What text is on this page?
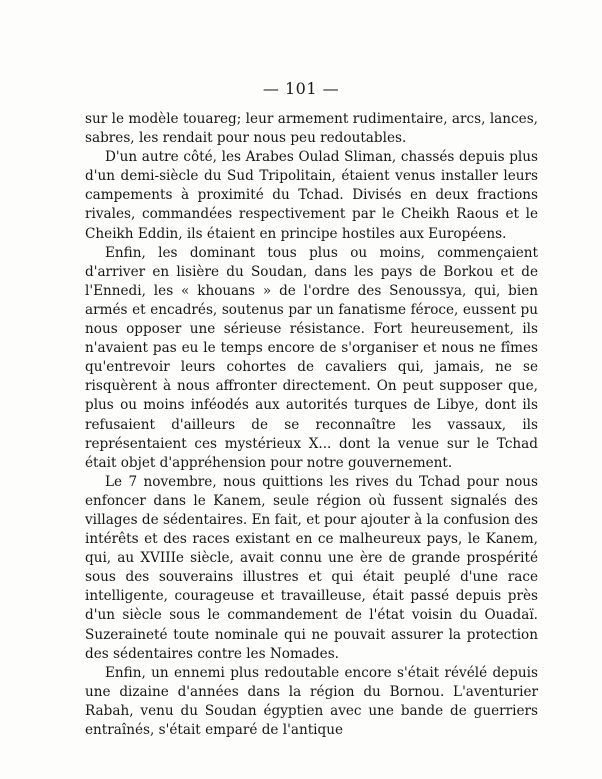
— 101 —

sur le modèle touareg; leur armement rudimentaire, arcs, lances, sabres, les rendait pour nous peu redoutables.

D'un autre côté, les Arabes Oulad Sliman, chassés depuis plus d'un demi-siècle du Sud Tripolitain, étaient venus installer leurs campements à proximité du Tchad. Divisés en deux fractions rivales, commandées respectivement par le Cheikh Raous et le Cheikh Eddin, ils étaient en principe hostiles aux Européens.

Enfin, les dominant tous plus ou moins, commençaient d'arriver en lisière du Soudan, dans les pays de Borkou et de l'Ennedi, les « khouans » de l'ordre des Senoussya, qui, bien armés et encadrés, soutenus par un fanatisme féroce, eussent pu nous opposer une sérieuse résistance. Fort heureusement, ils n'avaient pas eu le temps encore de s'organiser et nous ne fîmes qu'entrevoir leurs cohortes de cavaliers qui, jamais, ne se risquèrent à nous affronter directement. On peut supposer que, plus ou moins inféodés aux autorités turques de Libye, dont ils refusaient d'ailleurs de se reconnaître les vassaux, ils représentaient ces mystérieux X... dont la venue sur le Tchad était objet d'appréhension pour notre gouvernement.

Le 7 novembre, nous quittions les rives du Tchad pour nous enfoncer dans le Kanem, seule région où fussent signalés des villages de sédentaires. En fait, et pour ajouter à la confusion des intérêts et des races existant en ce malheureux pays, le Kanem, qui, au XVIIIe siècle, avait connu une ère de grande prospérité sous des souverains illustres et qui était peuplé d'une race intelligente, courageuse et travailleuse, était passé depuis près d'un siècle sous le commandement de l'état voisin du Ouadaï. Suzeraineté toute nominale qui ne pouvait assurer la protection des sédentaires contre les Nomades.

Enfin, un ennemi plus redoutable encore s'était révélé depuis une dizaine d'années dans la région du Bornou. L'aventurier Rabah, venu du Soudan égyptien avec une bande de guerriers entraînés, s'était emparé de l'antique
